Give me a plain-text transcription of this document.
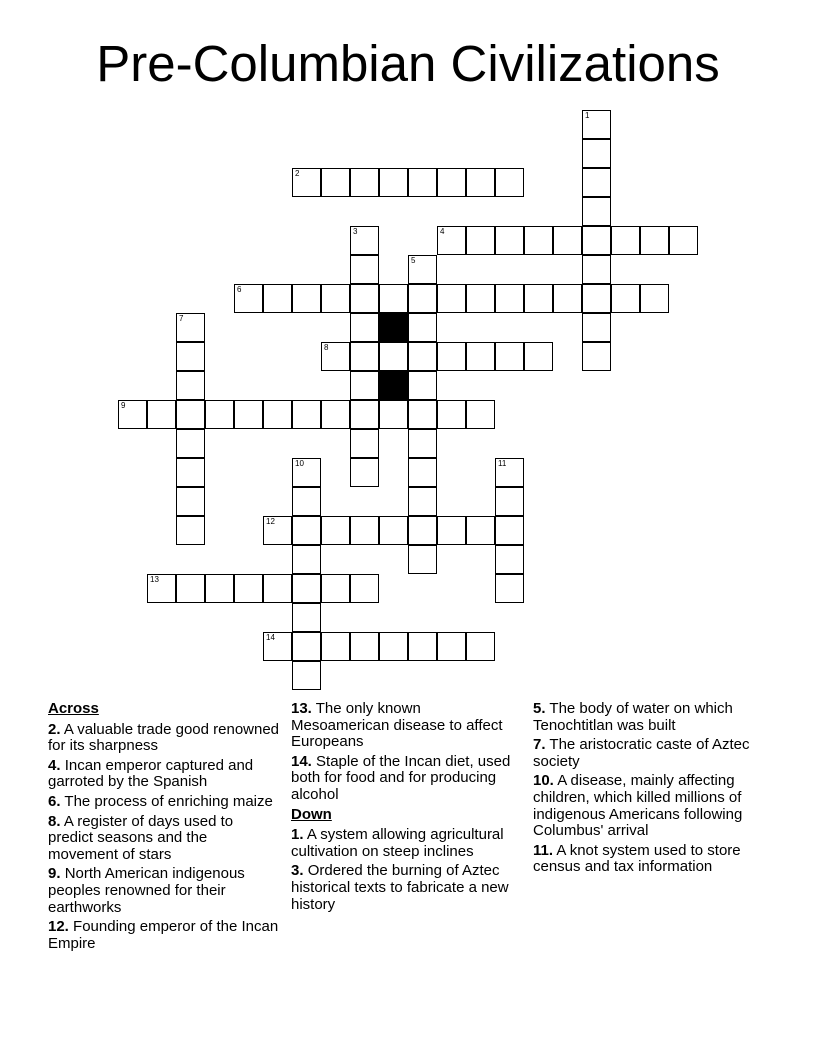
Pre-Columbian Civilizations
1
2
3	4
5
6
7
8
9
10	11
12
13
14

Across

2. A valuable trade good renowned for its sharpness

4. Incan emperor captured and garroted by the Spanish

6. The process of enriching maize

8. A register of days used to predict seasons and the movement of stars

9. North American indigenous peoples renowned for their earthworks

12. Founding emperor of the Incan Empire

13. The only known Mesoamerican disease to affect Europeans

14. Staple of the Incan diet, used both for food and for producing alcohol

Down

1. A system allowing agricultural cultivation on steep inclines

3. Ordered the burning of Aztec historical texts to fabricate a new history

5. The body of water on which Tenochtitlan was built

7. The aristocratic caste of Aztec society

10. A disease, mainly affecting children, which killed millions of indigenous Americans following Columbus' arrival

11. A knot system used to store census and tax information
